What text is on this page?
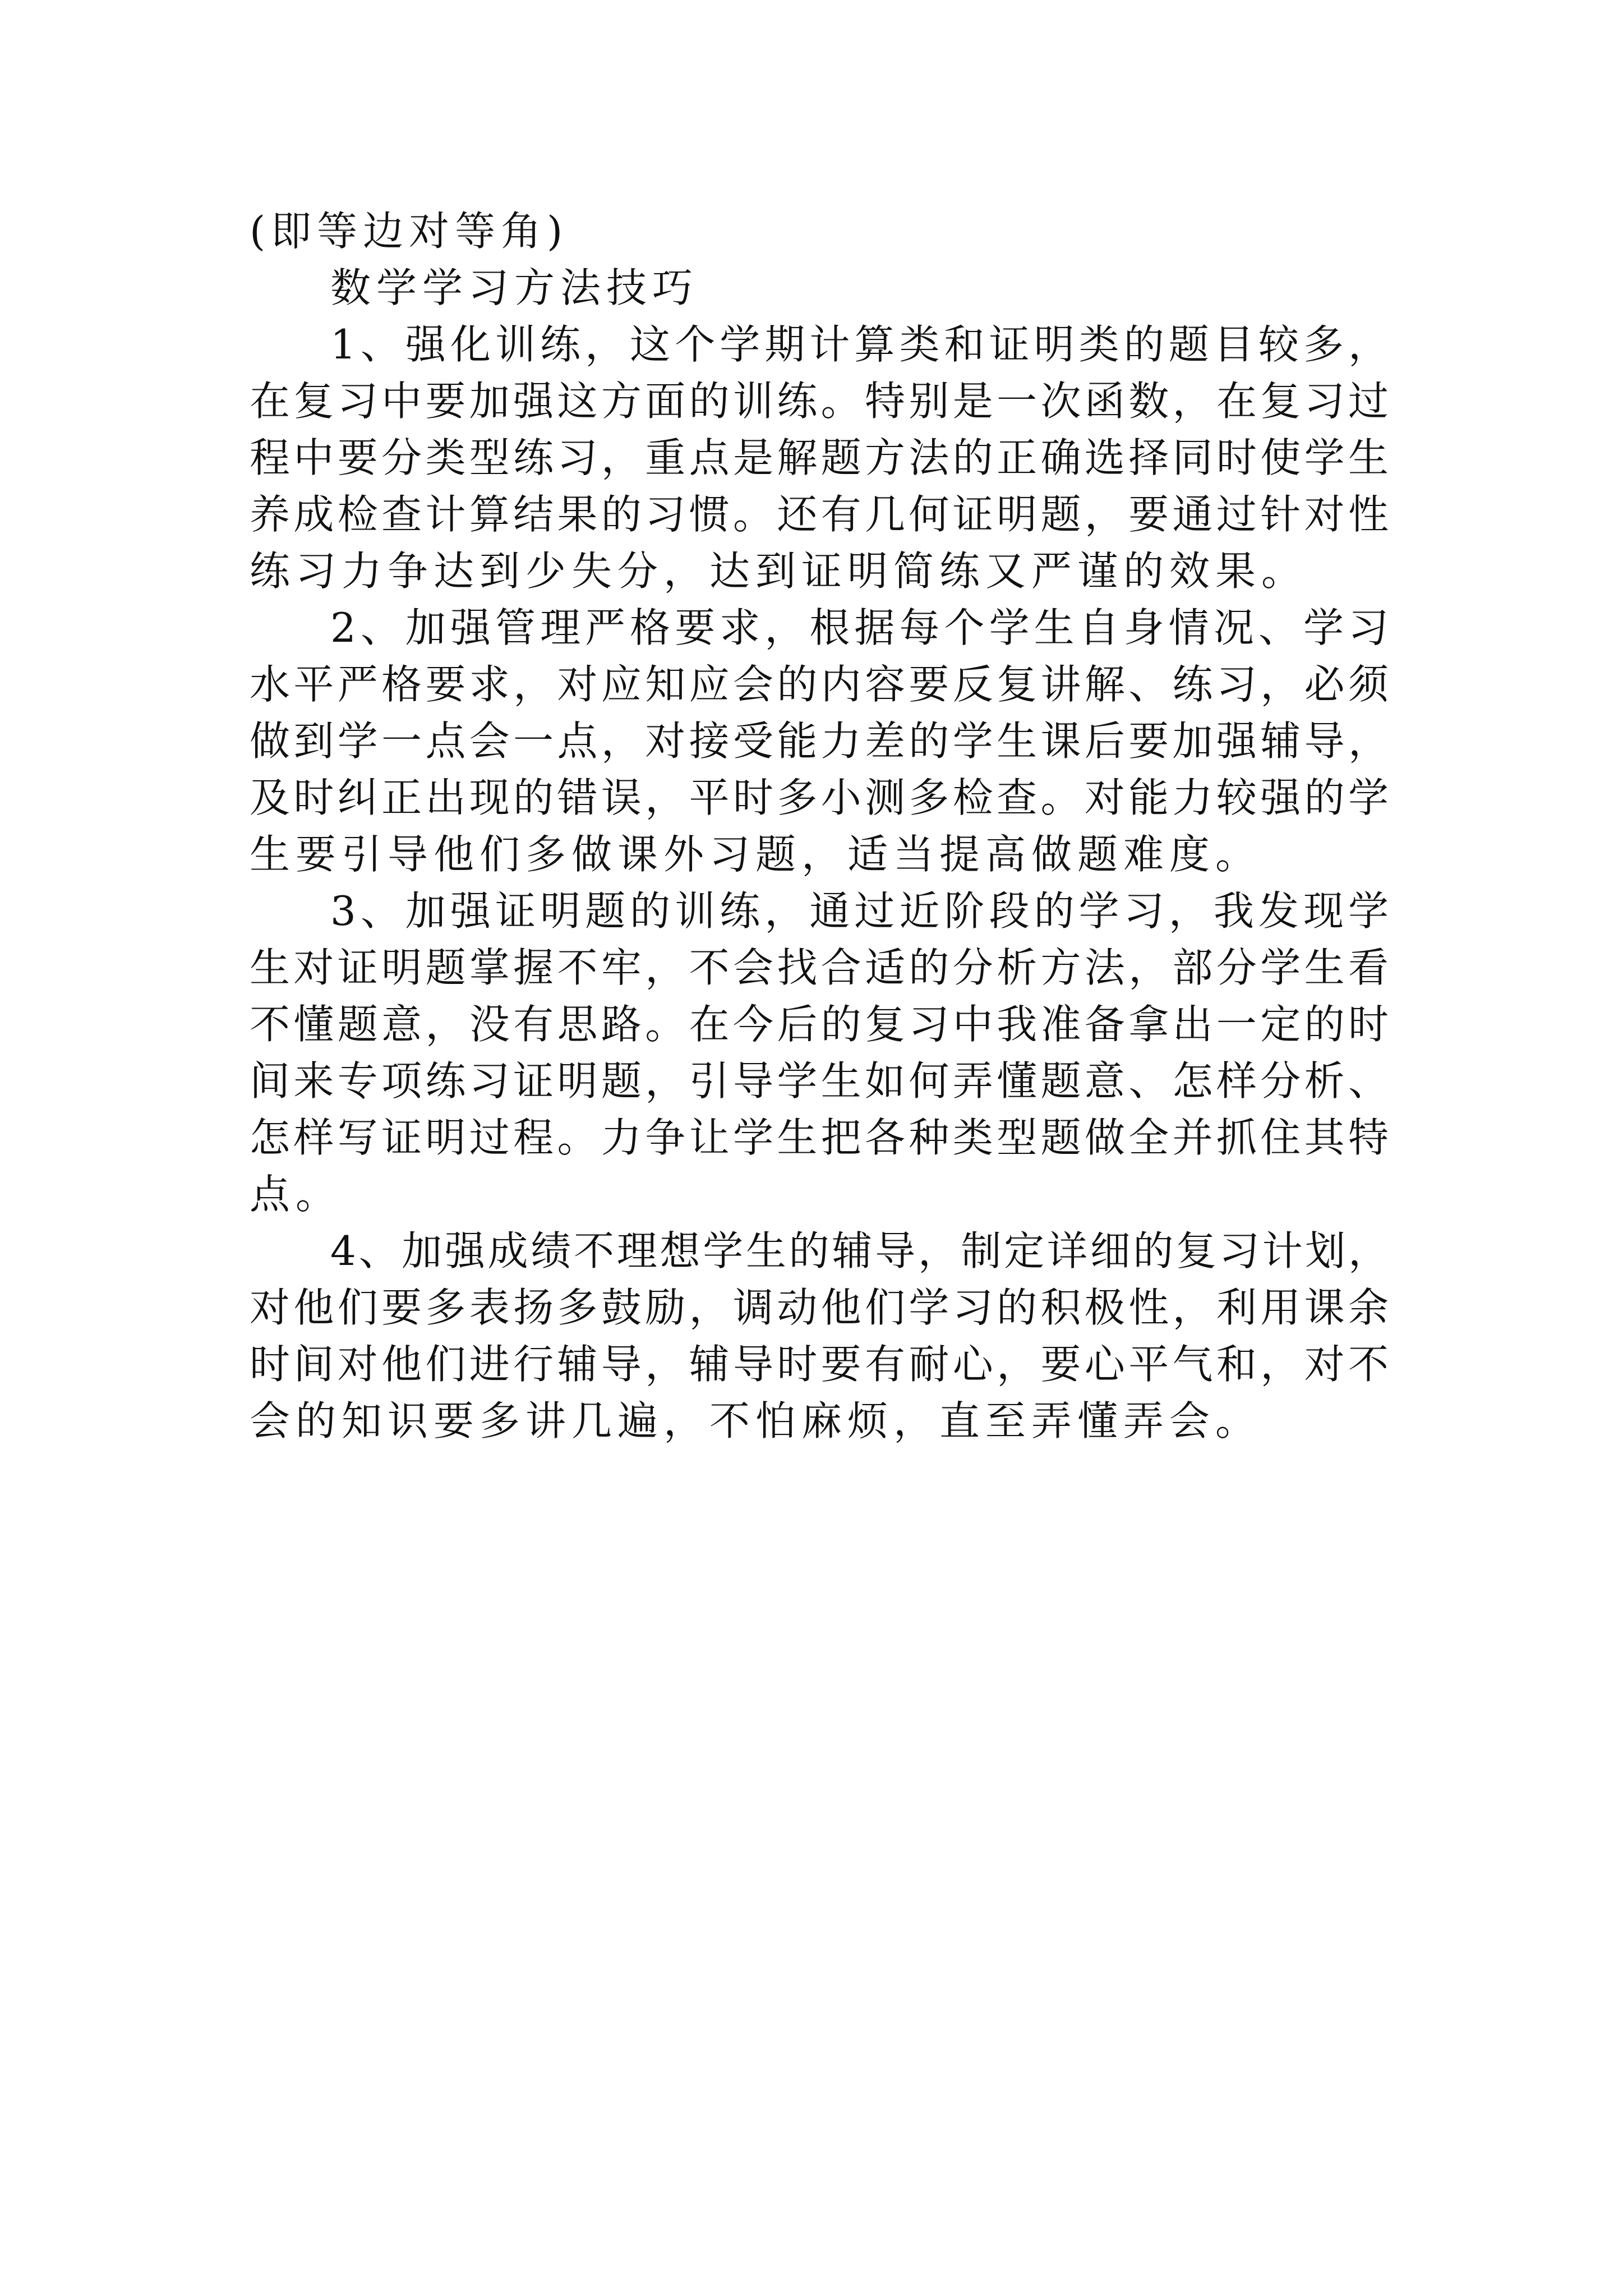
(即等边对等角)
数学学习方法技巧
1、强化训练，这个学期计算类和证明类的题目较多，
在复习中要加强这方面的训练。特别是一次函数，在复习过
程中要分类型练习，重点是解题方法的正确选择同时使学生
养成检查计算结果的习惯。还有几何证明题，要通过针对性
练习力争达到少失分，达到证明简练又严谨的效果。
2、加强管理严格要求，根据每个学生自身情况、学习
水平严格要求，对应知应会的内容要反复讲解、练习，必须
做到学一点会一点，对接受能力差的学生课后要加强辅导，
及时纠正出现的错误，平时多小测多检查。对能力较强的学
生要引导他们多做课外习题，适当提高做题难度。
3、加强证明题的训练，通过近阶段的学习，我发现学
生对证明题掌握不牢，不会找合适的分析方法，部分学生看
不懂题意，没有思路。在今后的复习中我准备拿出一定的时
间来专项练习证明题，引导学生如何弄懂题意、怎样分析、
怎样写证明过程。力争让学生把各种类型题做全并抓住其特
点。
4、加强成绩不理想学生的辅导，制定详细的复习计划，
对他们要多表扬多鼓励，调动他们学习的积极性，利用课余
时间对他们进行辅导，辅导时要有耐心，要心平气和，对不
会的知识要多讲几遍，不怕麻烦，直至弄懂弄会。
